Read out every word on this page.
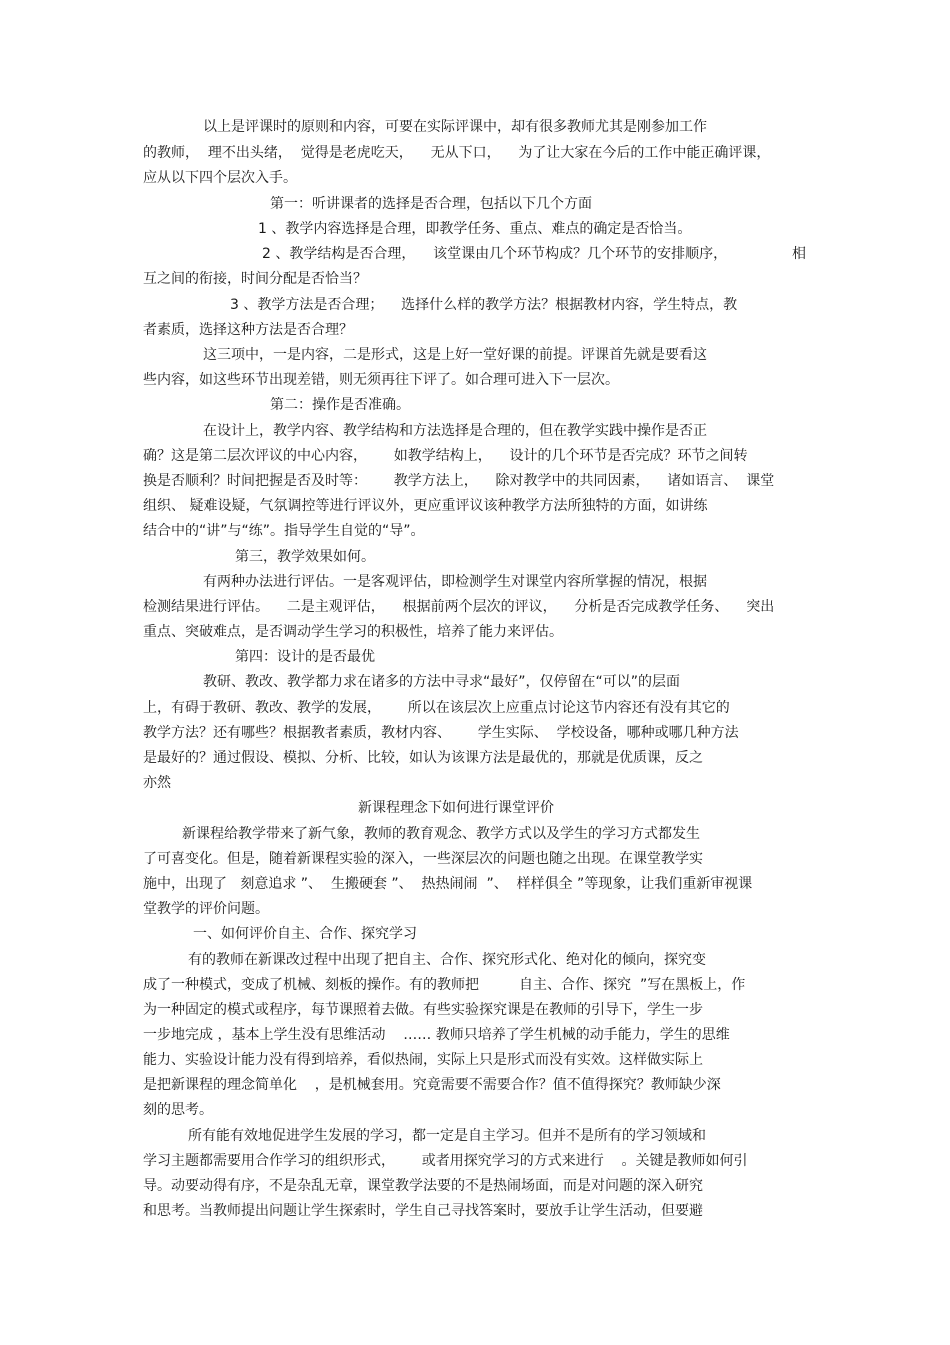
以上是评课时的原则和内容，可要在实际评课中，却有很多教师尤其是刚参加工作
的教师，  理不出头绪，  觉得是老虎吃天，    无从下口，    为了让大家在今后的工作中能正确评课，
应从以下四个层次入手。
第一：听讲课者的选择是否合理，包括以下几个方面
1 、教学内容选择是合理，即教学任务、重点、难点的确定是否恰当。
2 、教学结构是否合理，    该堂课由几个环节构成？几个环节的安排顺序，	相
互之间的衔接，时间分配是否恰当？
3 、教学方法是否合理；    选择什么样的教学方法？根据教材内容，学生特点，教
者素质，选择这种方法是否合理？
这三项中，一是内容，二是形式，这是上好一堂好课的前提。评课首先就是要看这
些内容，如这些环节出现差错，则无须再往下评了。如合理可进入下一层次。
第二：操作是否准确。
在设计上，教学内容、教学结构和方法选择是合理的，但在教学实践中操作是否正
确？这是第二层次评议的中心内容，      如教学结构上，    设计的几个环节是否完成？环节之间转
换是否顺利？时间把握是否及时等：      教学方法上，    除对教学中的共同因素，    诸如语言、  课堂
组织、 疑难设疑，气氛调控等进行评议外，更应重评议该种教学方法所独特的方面，如讲练
结合中的“讲”与“练”。指导学生自觉的“导”。
第三，教学效果如何。
有两种办法进行评估。一是客观评估，即检测学生对课堂内容所掌握的情况，根据
检测结果进行评估。    二是主观评估，    根据前两个层次的评议，    分析是否完成教学任务、    突出
重点、突破难点，是否调动学生学习的积极性，培养了能力来评估。
第四：设计的是否最优
教研、教改、教学都力求在诸多的方法中寻求“最好”，仅停留在“可以”的层面
上，有碍于教研、教改、教学的发展，      所以在该层次上应重点讨论这节内容还有没有其它的
教学方法？还有哪些？根据教者素质，教材内容、      学生实际、  学校设备，哪种或哪几种方法
是最好的？通过假设、模拟、分析、比较，如认为该课方法是最优的，那就是优质课，反之
亦然
新课程理念下如何进行课堂评价
新课程给教学带来了新气象，教师的教育观念、教学方式以及学生的学习方式都发生
了可喜变化。但是，随着新课程实验的深入，一些深层次的问题也随之出现。在课堂教学实
施中，出现了   刻意追求 ”、  生搬硬套 ”、  热热闹闹  ”、  样样俱全 ”等现象，让我们重新审视课
堂教学的评价问题。
一、如何评价自主、合作、探究学习
有的教师在新课改过程中出现了把自主、合作、探究形式化、绝对化的倾向，探究变
成了一种模式，变成了机械、刻板的操作。有的教师把         自主、合作、探究  ”写在黑板上，作
为一种固定的模式或程序，每节课照着去做。有些实验探究课是在教师的引导下，学生一步
一步地完成 ，基本上学生没有思维活动    …… 教师只培养了学生机械的动手能力，学生的思维
能力、实验设计能力没有得到培养，看似热闹，实际上只是形式而没有实效。这样做实际上
是把新课程的理念简单化    ，是机械套用。究竟需要不需要合作？值不值得探究？教师缺少深
刻的思考。
所有能有效地促进学生发展的学习，都一定是自主学习。但并不是所有的学习领域和
学习主题都需要用合作学习的组织形式，      或者用探究学习的方式来进行    。关键是教师如何引
导。动要动得有序，不是杂乱无章，课堂教学法要的不是热闹场面，而是对问题的深入研究
和思考。当教师提出问题让学生探索时，学生自己寻找答案时，要放手让学生活动，但要避
